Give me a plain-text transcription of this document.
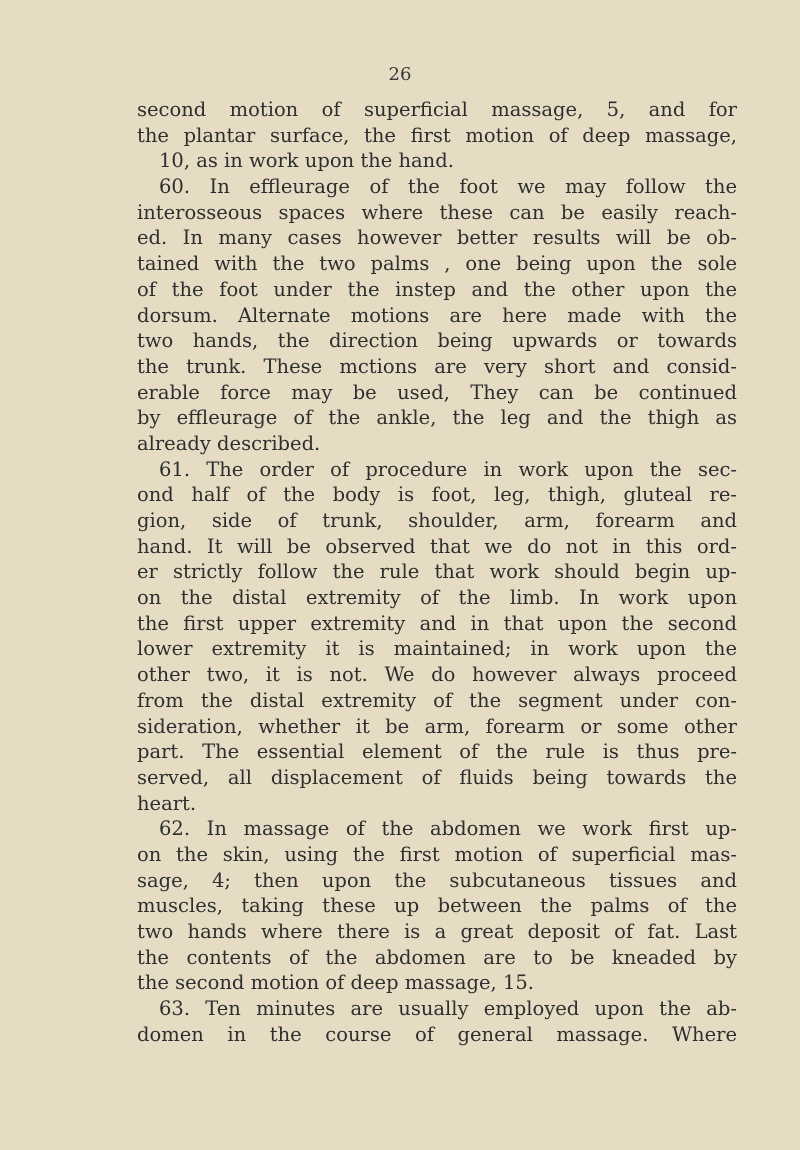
26
second motion of superficial massage, 5, and for
the plantar surface, the first motion of deep massage,
10, as in work upon the hand.
60. In effleurage of the foot we may follow the
interosseous spaces where these can be easily reach-
ed. In many cases however better results will be ob-
tained with the two palms , one being upon the sole
of the foot under the instep and the other upon the
dorsum. Alternate motions are here made with the
two hands, the direction being upwards or towards
the trunk. These mctions are very short and consid-
erable force may be used, They can be continued
by effleurage of the ankle, the leg and the thigh as
already described.
61. The order of procedure in work upon the sec-
ond half of the body is foot, leg, thigh, gluteal re-
gion, side of trunk, shoulder, arm, forearm and
hand. It will be observed that we do not in this ord-
er strictly follow the rule that work should begin up-
on the distal extremity of the limb. In work upon
the first upper extremity and in that upon the second
lower extremity it is maintained; in work upon the
other two, it is not. We do however always proceed
from the distal extremity of the segment under con-
sideration, whether it be arm, forearm or some other
part. The essential element of the rule is thus pre-
served, all displacement of fluids being towards the
heart.
62. In massage of the abdomen we work first up-
on the skin, using the first motion of superficial mas-
sage, 4; then upon the subcutaneous tissues and
muscles, taking these up between the palms of the
two hands where there is a great deposit of fat. Last
the contents of the abdomen are to be kneaded by
the second motion of deep massage, 15.
63. Ten minutes are usually employed upon the ab-
domen in the course of general massage. Where
